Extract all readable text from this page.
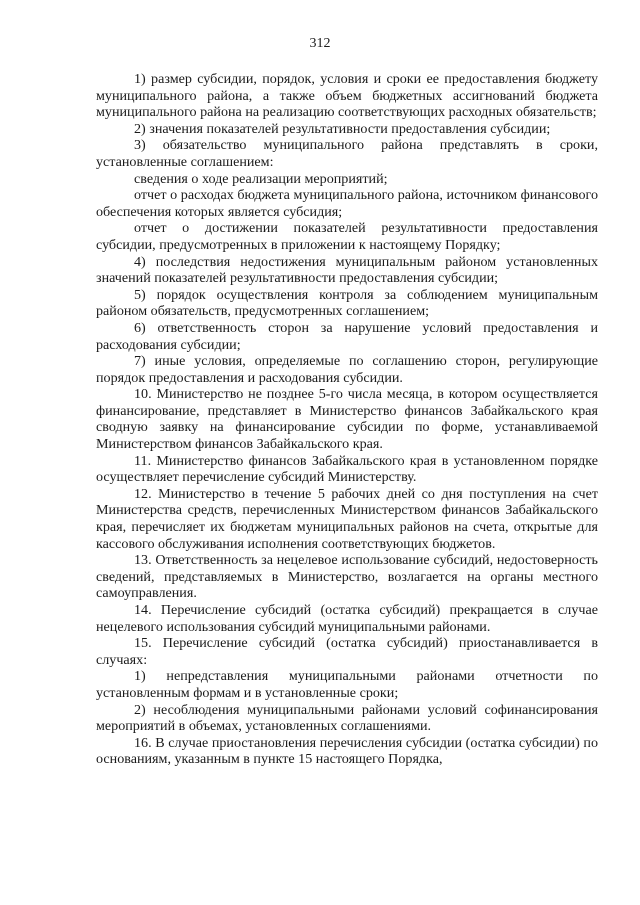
312

1) размер субсидии, порядок, условия и сроки ее предоставления бюджету муниципального района, а также объем бюджетных ассигнований бюджета муниципального района на реализацию соответствующих расходных обязательств;

2) значения показателей результативности предоставления субсидии;

3) обязательство муниципального района представлять в сроки, установленные соглашением:

сведения о ходе реализации мероприятий;

отчет о расходах бюджета муниципального района, источником финансового обеспечения которых является субсидия;

отчет о достижении показателей результативности предоставления субсидии, предусмотренных в приложении к настоящему Порядку;

4) последствия недостижения муниципальным районом установленных значений показателей результативности предоставления субсидии;

5) порядок осуществления контроля за соблюдением муниципальным районом обязательств, предусмотренных соглашением;

6) ответственность сторон за нарушение условий предоставления и расходования субсидии;

7) иные условия, определяемые по соглашению сторон, регулирующие порядок предоставления и расходования субсидии.

10. Министерство не позднее 5-го числа месяца, в котором осуществляется финансирование, представляет в Министерство финансов Забайкальского края сводную заявку на финансирование субсидии по форме, устанавливаемой Министерством финансов Забайкальского края.

11. Министерство финансов Забайкальского края в установленном порядке осуществляет перечисление субсидий Министерству.

12. Министерство в течение 5 рабочих дней со дня поступления на счет Министерства средств, перечисленных Министерством финансов Забайкальского края, перечисляет их бюджетам муниципальных районов на счета, открытые для кассового обслуживания исполнения соответствующих бюджетов.

13. Ответственность за нецелевое использование субсидий, недостоверность сведений, представляемых в Министерство, возлагается на органы местного самоуправления.

14. Перечисление субсидий (остатка субсидий) прекращается в случае нецелевого использования субсидий муниципальными районами.

15. Перечисление субсидий (остатка субсидий) приостанавливается в случаях:

1) непредставления муниципальными районами отчетности по установленным формам и в установленные сроки;

2) несоблюдения муниципальными районами условий софинансирования мероприятий в объемах, установленных соглашениями.

16. В случае приостановления перечисления субсидии (остатка субсидии) по основаниям, указанным в пункте 15 настоящего Порядка,
